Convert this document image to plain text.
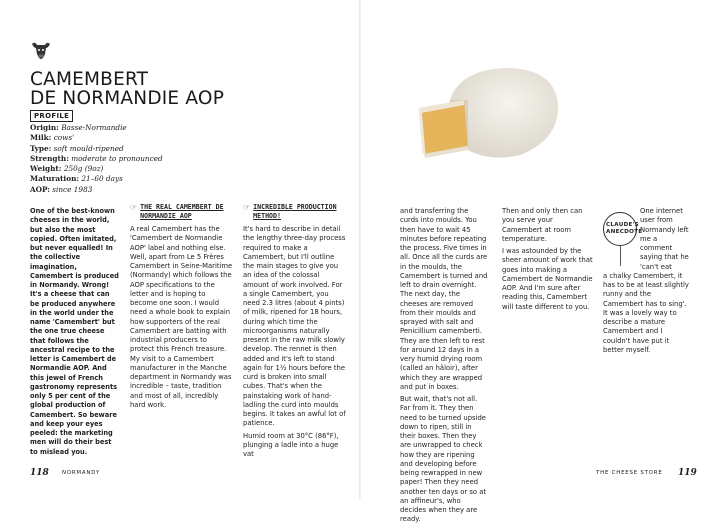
CAMEMBERT
DE NORMANDIE AOP
PROFILE
Origin: Basse-Normandie
Milk: cows'
Type: soft mould-ripened
Strength: moderate to pronounced
Weight: 250g (9oz)
Maturation: 21–60 days
AOP: since 1983
One of the best-known cheeses in the world, but also the most copied. Often imitated, but never equalled! In the collective imagination, Camembert is produced in Normandy. Wrong! It's a cheese that can be produced anywhere in the world under the name 'Camembert' but the one true cheese that follows the ancestral recipe to the letter is Camembert de Normandie AOP. And this jewel of French gastronomy represents only 5 per cent of the global production of Camembert. So beware and keep your eyes peeled: the marketing men will do their best to mislead you.
☞ THE REAL CAMEMBERT DE NORMANDIE AOP

A real Camembert has the 'Camembert de Normandie AOP' label and nothing else. Well, apart from Le 5 Frères Camembert in Seine-Maritime (Normandy) which follows the AOP specifications to the letter and is hoping to become one soon. I would need a whole book to explain how supporters of the real Camembert are batting with industrial producers to protect this French treasure. My visit to a Camembert manufacturer in the Manche department in Normandy was incredible – taste, tradition and most of all, incredibly hard work.

☞ INCREDIBLE PRODUCTION METHOD!

It's hard to describe in detail the lengthy three-day process required to make a Camembert, but I'll outline the main stages to give you an idea of the colossal amount of work involved. For a single Camembert, you need 2.3 litres (about 4 pints) of milk, ripened for 18 hours, during which time the microorganisms naturally present in the raw milk slowly develop. The rennet is then added and it's left to stand again for 1½ hours before the curd is broken into small cubes. That's when the painstaking work of hand-ladling the curd into moulds begins. It takes an awful lot of patience.

Humid room at 30°C (86°F), plunging a ladle into a huge vat

118 NORMANDY

and transferring the curds into moulds. You then have to wait 45 minutes before repeating the process. Five times in all. Once all the curds are in the moulds, the Camembert is turned and left to drain overnight. The next day, the cheeses are removed from their moulds and sprayed with salt and Penicillium camemberti. They are then left to rest for around 12 days in a very humid drying room (called an hâloir), after which they are wrapped and put in boxes.

But wait, that's not all. Far from it. They then need to be turned upside down to ripen, still in their boxes. Then they are unwrapped to check how they are ripening and developing before being rewrapped in new paper! Then they need another ten days or so at an affineur's, who decides when they are ready.

Then and only then can you serve your Camembert at room temperature.

I was astounded by the sheer amount of work that goes into making a Camembert de Normandie AOP. And I'm sure after reading this, Camembert will taste different to you.

One internet user from Normandy left me a comment saying that he 'can't eat

a chalky Camembert, it has to be at least slightly runny and the Camembert has to sing'. It was a lovely way to describe a mature Camembert and I couldn't have put it better myself.

CLAUDE'S ANECDOTE
THE CHEESE STORE 119
